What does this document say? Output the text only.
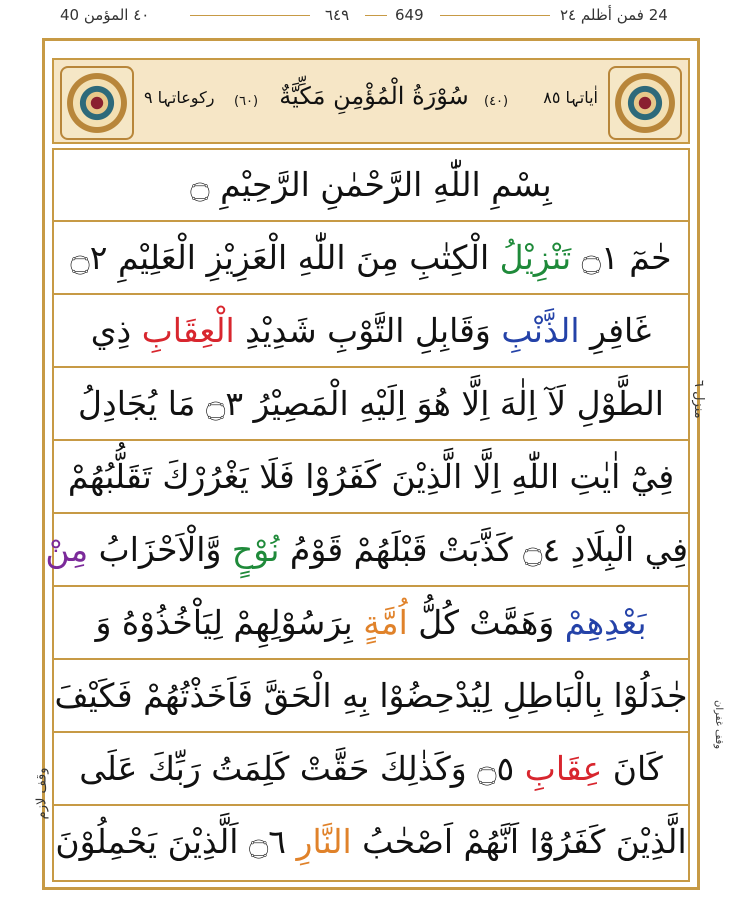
٤٠ المؤمن 40	٦٤٩	649	24 فمن أظلم ٢٤
رکوعاتہا ٩ (٦٠) سُوْرَةُ الْمُؤْمِنِ مَكِّيَّةٌ	(٤٠) اٰیاتہا ٨٥
بِسْمِ اللّٰهِ الرَّحْمٰنِ الرَّحِيْمِ ۝
حٰمٓ ۝١ تَنْزِيْلُ الْكِتٰبِ مِنَ اللّٰهِ الْعَزِيْزِ الْعَلِيْمِ ۝٢
غَافِرِ الذَّنْبِ وَقَابِلِ التَّوْبِ شَدِيْدِ الْعِقَابِ ذِي
الطَّوْلِ لَآ اِلٰهَ اِلَّا هُوَ اِلَيْهِ الْمَصِيْرُ ۝٣ مَا يُجَادِلُ
فِيْٓ اٰيٰتِ اللّٰهِ اِلَّا الَّذِيْنَ كَفَرُوْا فَلَا يَغْرُرْكَ تَقَلُّبُهُمْ
فِي الْبِلَادِ ۝٤ كَذَّبَتْ قَبْلَهُمْ قَوْمُ نُوْحٍ وَّالْاَحْزَابُ مِنْ
بَعْدِهِمْ وَهَمَّتْ كُلُّ اُمَّةٍ بِرَسُوْلِهِمْ لِيَاْخُذُوْهُ وَ
جٰدَلُوْا بِالْبَاطِلِ لِيُدْحِضُوْا بِهِ الْحَقَّ فَاَخَذْتُهُمْ فَكَيْفَ
كَانَ عِقَابِ ۝٥ وَكَذٰلِكَ حَقَّتْ كَلِمَتُ رَبِّكَ عَلَى
الَّذِيْنَ كَفَرُوْٓا اَنَّهُمْ اَصْحٰبُ النَّارِ ۝٦ اَلَّذِيْنَ يَحْمِلُوْنَ
منزل ٦
وقف غفران
وقف لازم
